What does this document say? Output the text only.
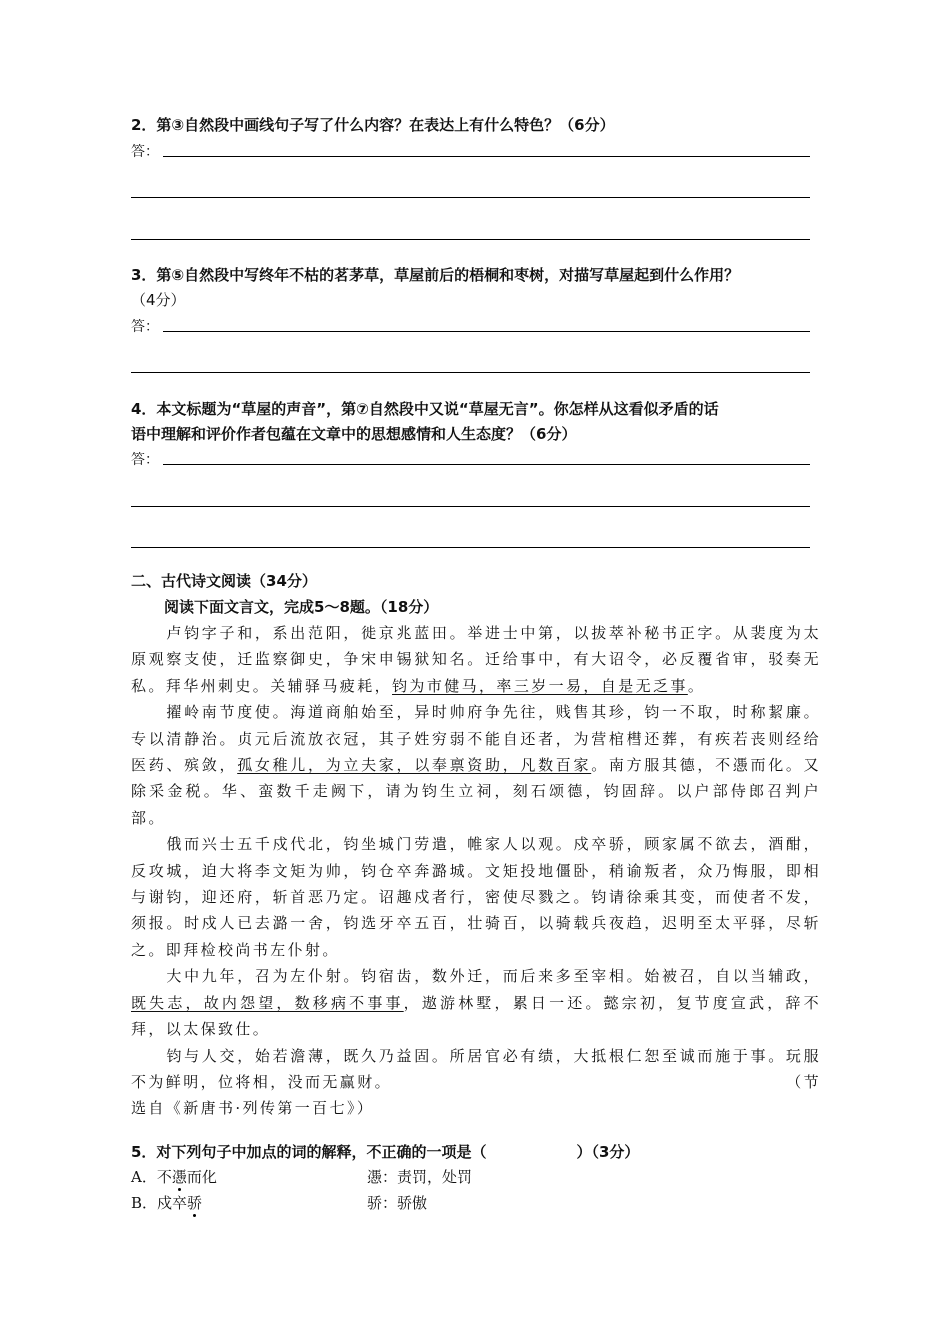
2．第③自然段中画线句子写了什么内容？在表达上有什么特色？（6分）
答：
3．第⑤自然段中写终年不枯的茗茅草，草屋前后的梧桐和枣树，对描写草屋起到什么作用？
（4分）
答：
4．本文标题为“草屋的声音”，第⑦自然段中又说“草屋无言”。你怎样从这看似矛盾的话
语中理解和评价作者包蕴在文章中的思想感情和人生态度？（6分）
答：
二、古代诗文阅读（34分）
阅读下面文言文，完成5～8题。（18分）
　　卢钧字子和，系出范阳，徙京兆蓝田。举进士中第，以拔萃补秘书正字。从裴度为太原观察支使，迁监察御史，争宋申锡狱知名。迁给事中，有大诏令，必反覆省审，驳奏无私。拜华州刺史。关辅驿马疲耗，钧为市健马，率三岁一易，自是无乏事。
　　擢岭南节度使。海道商舶始至，异时帅府争先往，贱售其珍，钧一不取，时称絜廉。专以清静治。贞元后流放衣冠，其子姓穷弱不能自还者，为营棺槥还葬，有疾若丧则经给医药、殡敛，孤女稚儿，为立夫家，以奉禀资助，凡数百家。南方服其德，不慿而化。又除采金税。华、蛮数千走阙下，请为钧生立祠，刻石颂德，钧固辞。以户部侍郎召判户部。
　　俄而兴士五千戍代北，钧坐城门劳遣，帷家人以观。戍卒骄，顾家属不欲去，酒酣，反攻城，迫大将李文矩为帅，钧仓卒奔潞城。文矩投地僵卧，稍谕叛者，众乃悔服，即相与谢钧，迎还府，斩首恶乃定。诏趣戍者行，密使尽戮之。钧请徐乘其变，而使者不发，须报。时戍人已去潞一舍，钧选牙卒五百，壮骑百，以骑载兵夜趋，迟明至太平驿，尽斩之。即拜检校尚书左仆射。
　　大中九年，召为左仆射。钧宿齿，数外迁，而后来多至宰相。始被召，自以当辅政，既失志，故内怨望，数移病不事事，遨游林墅，累日一还。懿宗初，复节度宣武，辞不拜，以太保致仕。
　　钧与人交，始若澹薄，既久乃益固。所居官必有绩，大抵根仁恕至诚而施于事。玩服不为鲜明，位将相，没而无赢财。	（节
选自《新唐书·列传第一百七》）
5．对下列句子中加点的词的解释，不正确的一项是（　　　　　　）（3分）
A．不慿而化	慿：责罚，处罚
B．戍卒骄	骄：骄傲
